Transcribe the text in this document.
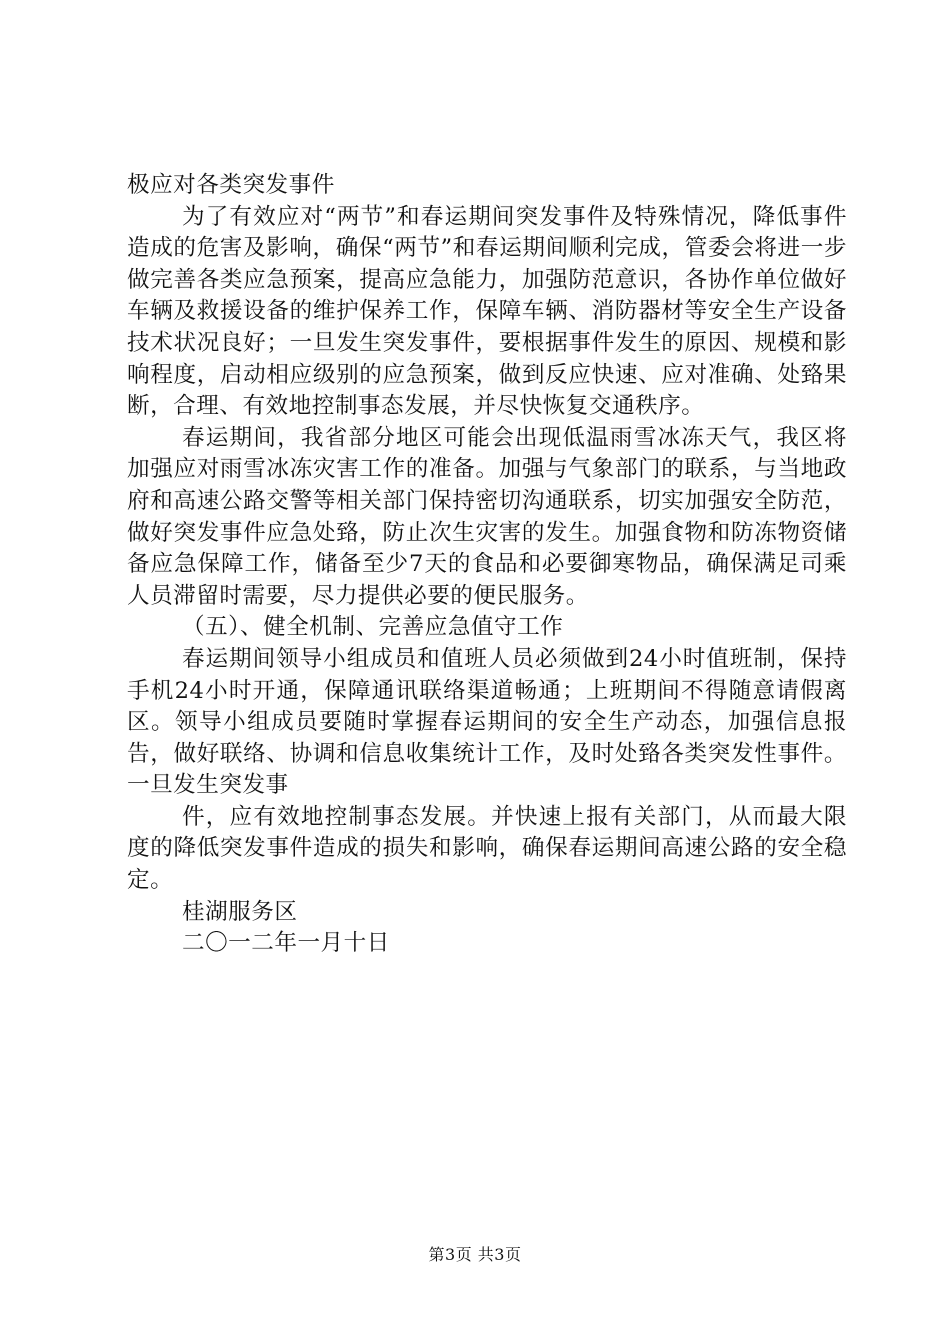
极应对各类突发事件

为了有效应对“两节”和春运期间突发事件及特殊情况，降低事件造成的危害及影响，确保“两节”和春运期间顺利完成，管委会将进一步做完善各类应急预案，提高应急能力，加强防范意识，各协作单位做好车辆及救援设备的维护保养工作，保障车辆、消防器材等安全生产设备技术状况良好；一旦发生突发事件，要根据事件发生的原因、规模和影响程度，启动相应级别的应急预案，做到反应快速、应对准确、处臵果断，合理、有效地控制事态发展，并尽快恢复交通秩序。

春运期间，我省部分地区可能会出现低温雨雪冰冻天气，我区将加强应对雨雪冰冻灾害工作的准备。加强与气象部门的联系，与当地政府和高速公路交警等相关部门保持密切沟通联系，切实加强安全防范，做好突发事件应急处臵，防止次生灾害的发生。加强食物和防冻物资储备应急保障工作，储备至少7天的食品和必要御寒物品，确保满足司乘人员滞留时需要，尽力提供必要的便民服务。

（五）、健全机制、完善应急值守工作

春运期间领导小组成员和值班人员必须做到24小时值班制，保持手机24小时开通，保障通讯联络渠道畅通；上班期间不得随意请假离区。领导小组成员要随时掌握春运期间的安全生产动态，加强信息报告，做好联络、协调和信息收集统计工作，及时处臵各类突发性事件。一旦发生突发事

件，应有效地控制事态发展。并快速上报有关部门，从而最大限度的降低突发事件造成的损失和影响，确保春运期间高速公路的安全稳定。

桂湖服务区

二〇一二年一月十日

第3页 共3页
